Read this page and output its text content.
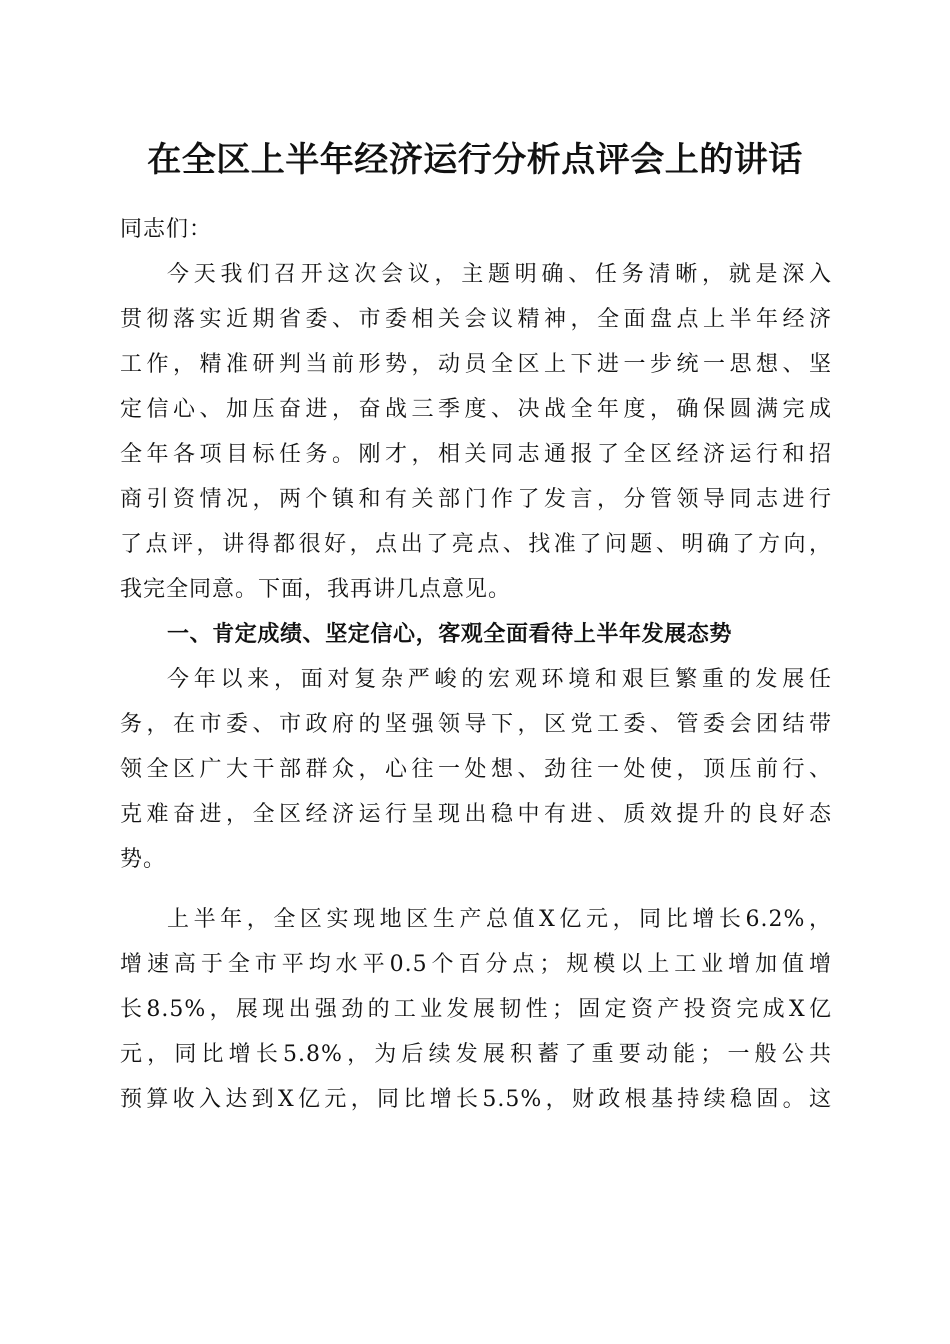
在全区上半年经济运行分析点评会上的讲话
同志们：
今天我们召开这次会议，主题明确、任务清晰，就是深入
贯彻落实近期省委、市委相关会议精神，全面盘点上半年经济
工作，精准研判当前形势，动员全区上下进一步统一思想、坚
定信心、加压奋进，奋战三季度、决战全年度，确保圆满完成
全年各项目标任务。刚才，相关同志通报了全区经济运行和招
商引资情况，两个镇和有关部门作了发言，分管领导同志进行
了点评，讲得都很好，点出了亮点、找准了问题、明确了方向，
我完全同意。下面，我再讲几点意见。
一、肯定成绩、坚定信心，客观全面看待上半年发展态势
今年以来，面对复杂严峻的宏观环境和艰巨繁重的发展任
务，在市委、市政府的坚强领导下，区党工委、管委会团结带
领全区广大干部群众，心往一处想、劲往一处使，顶压前行、
克难奋进，全区经济运行呈现出稳中有进、质效提升的良好态
势。
上半年，全区实现地区生产总值X亿元，同比增长6.2%，
增速高于全市平均水平0.5个百分点；规模以上工业增加值增
长8.5%，展现出强劲的工业发展韧性；固定资产投资完成X亿
元，同比增长5.8%，为后续发展积蓄了重要动能；一般公共
预算收入达到X亿元，同比增长5.5%，财政根基持续稳固。这
